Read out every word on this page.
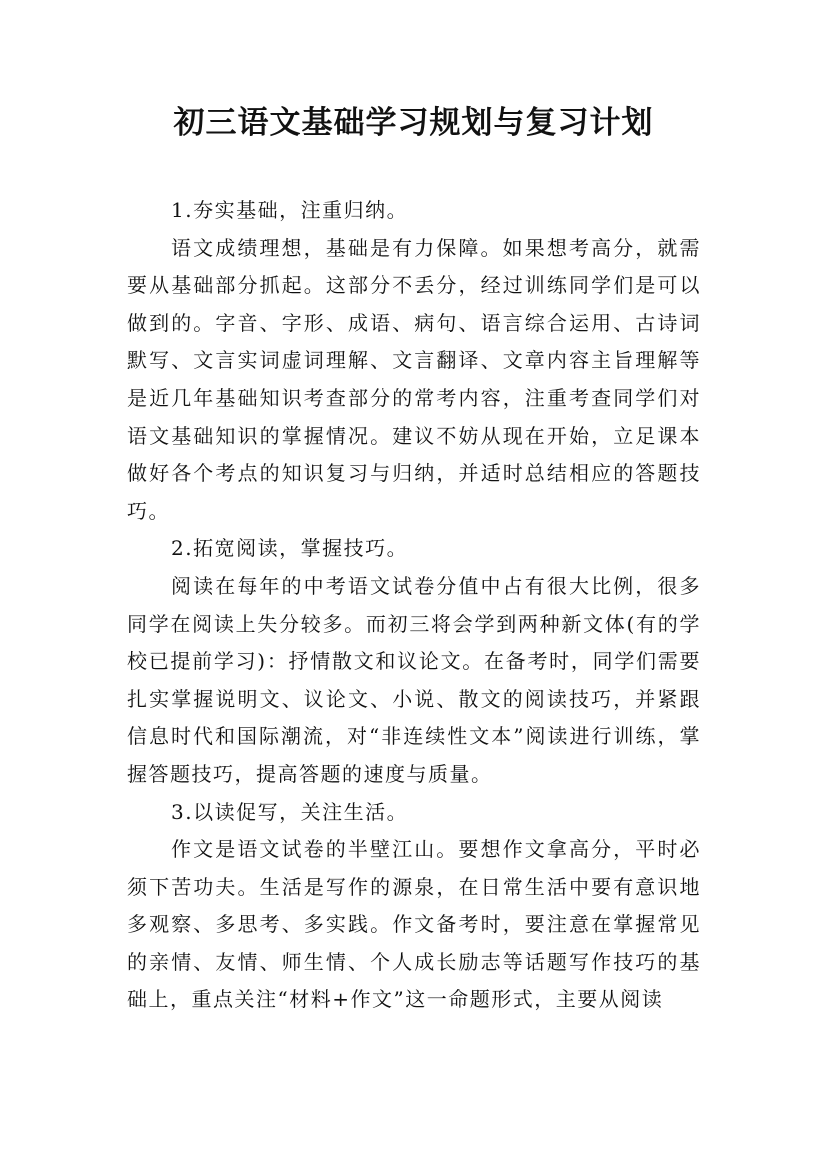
初三语文基础学习规划与复习计划

1.夯实基础，注重归纳。

语文成绩理想，基础是有力保障。如果想考高分，就需要从基础部分抓起。这部分不丢分，经过训练同学们是可以做到的。字音、字形、成语、病句、语言综合运用、古诗词默写、文言实词虚词理解、文言翻译、文章内容主旨理解等是近几年基础知识考查部分的常考内容，注重考查同学们对语文基础知识的掌握情况。建议不妨从现在开始，立足课本做好各个考点的知识复习与归纳，并适时总结相应的答题技巧。

2.拓宽阅读，掌握技巧。

阅读在每年的中考语文试卷分值中占有很大比例，很多同学在阅读上失分较多。而初三将会学到两种新文体(有的学校已提前学习)：抒情散文和议论文。在备考时，同学们需要扎实掌握说明文、议论文、小说、散文的阅读技巧，并紧跟信息时代和国际潮流，对“非连续性文本”阅读进行训练，掌握答题技巧，提高答题的速度与质量。

3.以读促写，关注生活。

作文是语文试卷的半壁江山。要想作文拿高分，平时必须下苦功夫。生活是写作的源泉，在日常生活中要有意识地多观察、多思考、多实践。作文备考时，要注意在掌握常见的亲情、友情、师生情、个人成长励志等话题写作技巧的基础上，重点关注“材料+作文”这一命题形式，主要从阅读
